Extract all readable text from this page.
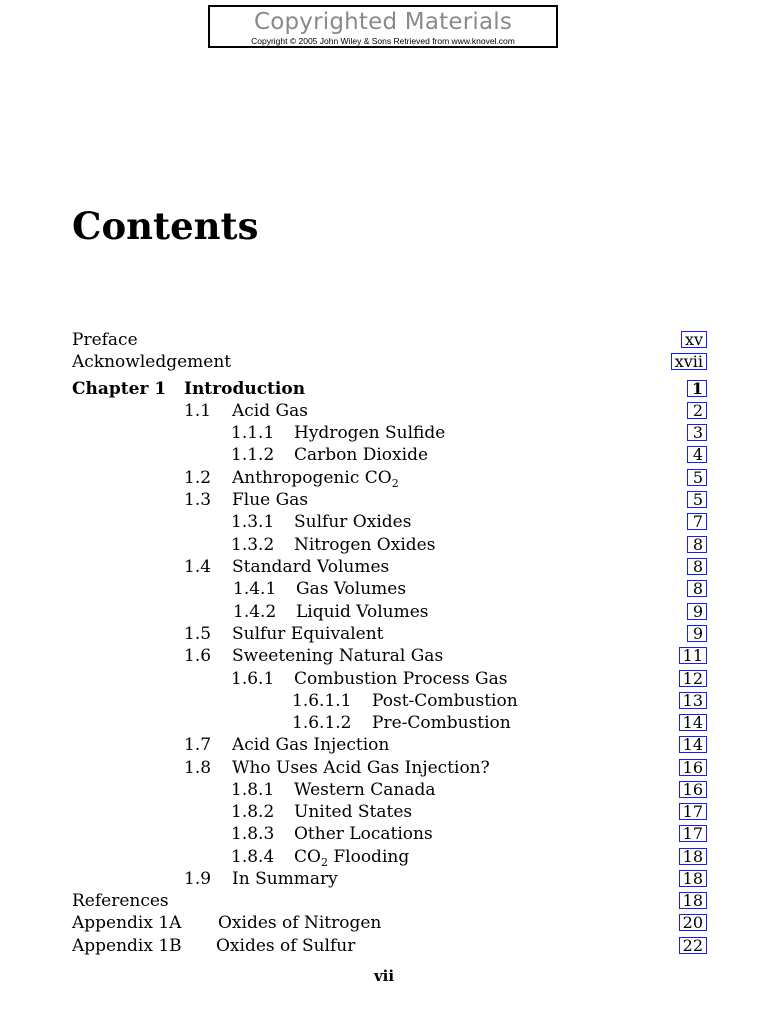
Copyrighted Materials
Copyright © 2005 John Wiley & Sons Retrieved from www.knovel.com
Contents
Preface	xv
Acknowledgement	xvii
Chapter 1 Introduction	1
1.1 Acid Gas	2
1.1.1 Hydrogen Sulfide	3
1.1.2 Carbon Dioxide	4
1.2 Anthropogenic $CO_2$	5
1.3 Flue Gas	5
1.3.1 Sulfur Oxides	7
1.3.2 Nitrogen Oxides	8
1.4 Standard Volumes	8
1.4.1 Gas Volumes	8
1.4.2 Liquid Volumes	9
1.5 Sulfur Equivalent	9
1.6 Sweetening Natural Gas	11
1.6.1 Combustion Process Gas	12
1.6.1.1 Post-Combustion	13
1.6.1.2 Pre-Combustion	14
1.7 Acid Gas Injection	14
1.8 Who Uses Acid Gas Injection?	16
1.8.1 Western Canada	16
1.8.2 United States	17
1.8.3 Other Locations	17
1.8.4 $CO_2$ Flooding	18
1.9 In Summary	18
References	18
Appendix 1A Oxides of Nitrogen	20
Appendix 1B Oxides of Sulfur	22
vii
